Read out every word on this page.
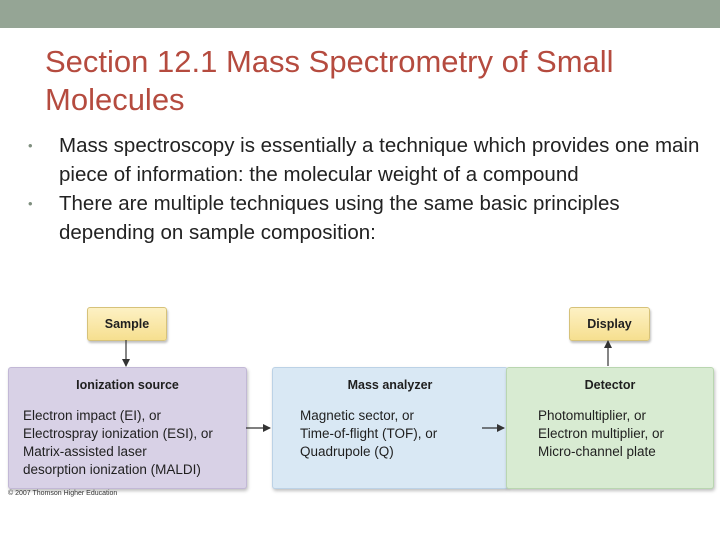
Section 12.1 Mass Spectrometry of Small Molecules
• Mass spectroscopy is essentially a technique which provides one main piece of information: the molecular weight of a compound
• There are multiple techniques using the same basic principles depending on sample composition:
Sample	Display
Ionization source
Electron impact (EI), or
Electrospray ionization (ESI), or
Matrix-assisted laser
desorption ionization (MALDI)
Mass analyzer
Magnetic sector, or
Time-of-flight (TOF), or
Quadrupole (Q)
Detector
Photomultiplier, or
Electron multiplier, or
Micro-channel plate
© 2007 Thomson Higher Education
